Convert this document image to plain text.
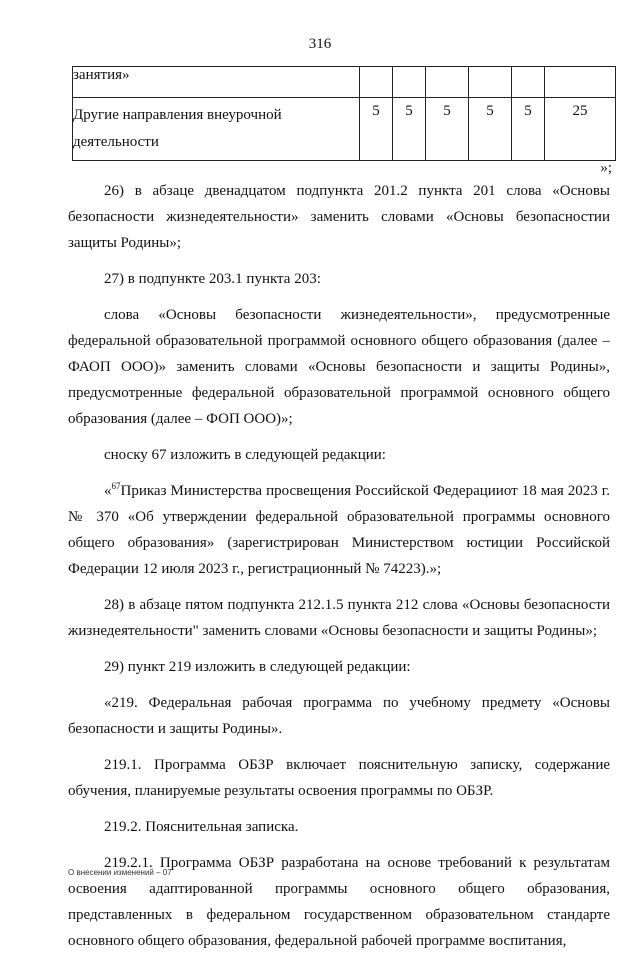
316
занятия»						
Другие направления внеурочной деятельности	5	5	5	5	5	25
»;

26) в абзаце двенадцатом подпункта 201.2 пункта 201 слова «Основы безопасности жизнедеятельности» заменить словами «Основы безопасностии защиты Родины»;

27) в подпункте 203.1 пункта 203:

слова «Основы безопасности жизнедеятельности», предусмотренные федеральной образовательной программой основного общего образования (далее – ФАОП ООО)» заменить словами «Основы безопасности и защиты Родины», предусмотренные федеральной образовательной программой основного общего образования (далее – ФОП ООО)»;

сноску 67 изложить в следующей редакции:

«$^{67}$Приказ Министерства просвещения Российской Федерацииот 18 мая 2023 г. № 370 «Об утверждении федеральной образовательной программы основного общего образования» (зарегистрирован Министерством юстиции Российской Федерации 12 июля 2023 г., регистрационный № 74223).»;

28) в абзаце пятом подпункта 212.1.5 пункта 212 слова «Основы безопасности жизнедеятельности" заменить словами «Основы безопасности и защиты Родины»;

29) пункт 219 изложить в следующей редакции:

«219. Федеральная рабочая программа по учебному предмету «Основы безопасности и защиты Родины».

219.1. Программа ОБЗР включает пояснительную записку, содержание обучения, планируемые результаты освоения программы по ОБЗР.

219.2. Пояснительная записка.

219.2.1. Программа ОБЗР разработана на основе требований к результатам освоения адаптированной программы основного общего образования, представленных в федеральном государственном образовательном стандарте основного общего образования, федеральной рабочей программе воспитания,

О внесении изменений – 07
